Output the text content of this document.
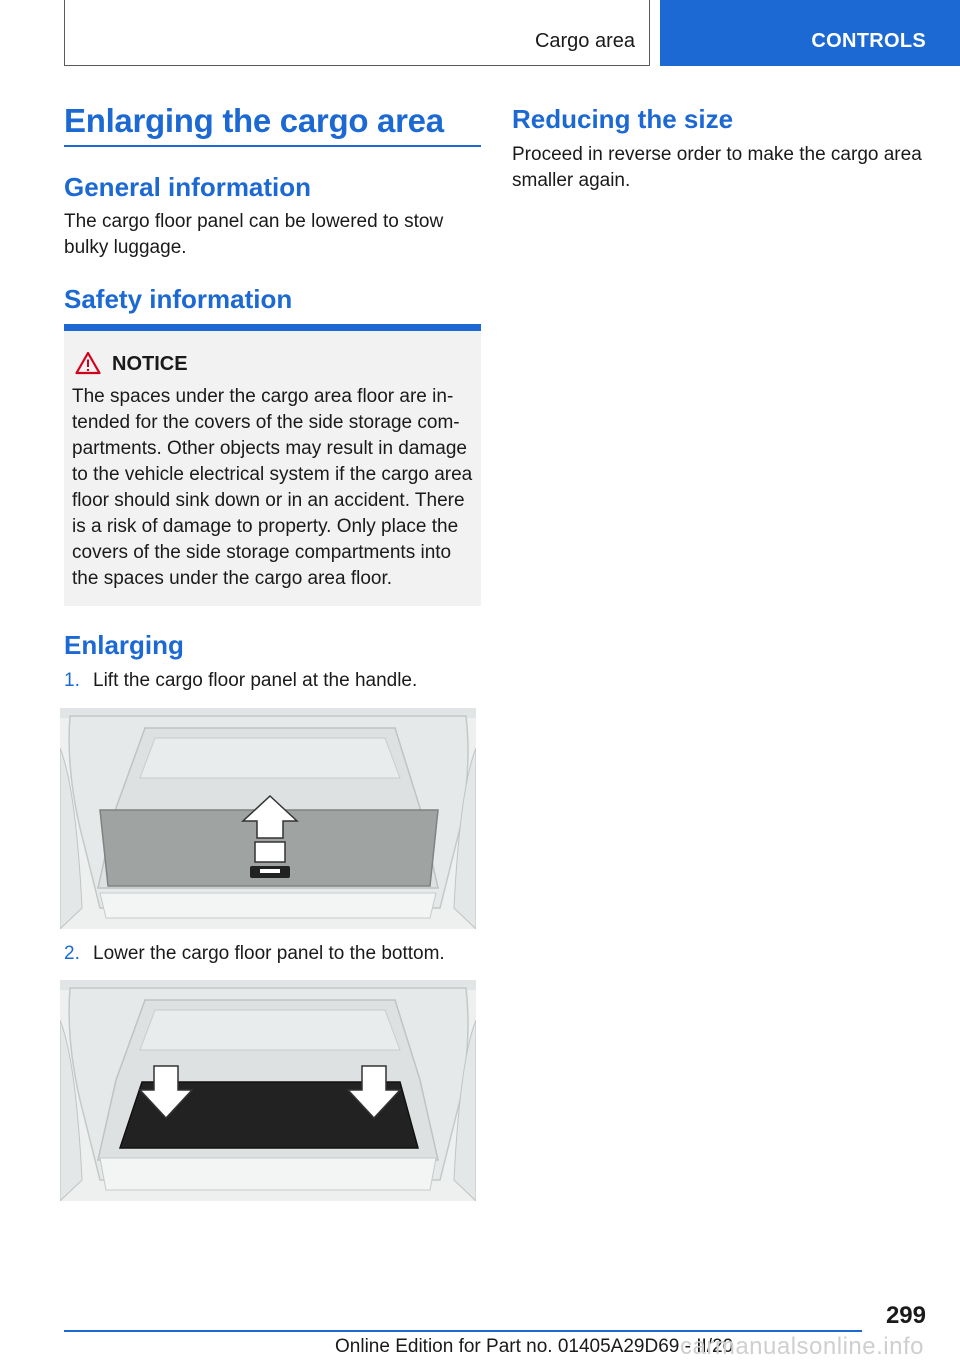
Cargo area	CONTROLS
Enlarging the cargo area
General information
The cargo floor panel can be lowered to stow
bulky luggage.
Safety information
NOTICE
The spaces under the cargo area floor are in-
tended for the covers of the side storage com-
partments. Other objects may result in damage
to the vehicle electrical system if the cargo area
floor should sink down or in an accident. There
is a risk of damage to property. Only place the
covers of the side storage compartments into
the spaces under the cargo area floor.
Enlarging
1. Lift the cargo floor panel at the handle.
2. Lower the cargo floor panel to the bottom.
Reducing the size
Proceed in reverse order to make the cargo area
smaller again.
299
Online Edition for Part no. 01405A29D69 - II/20
carmanualsonline.info
